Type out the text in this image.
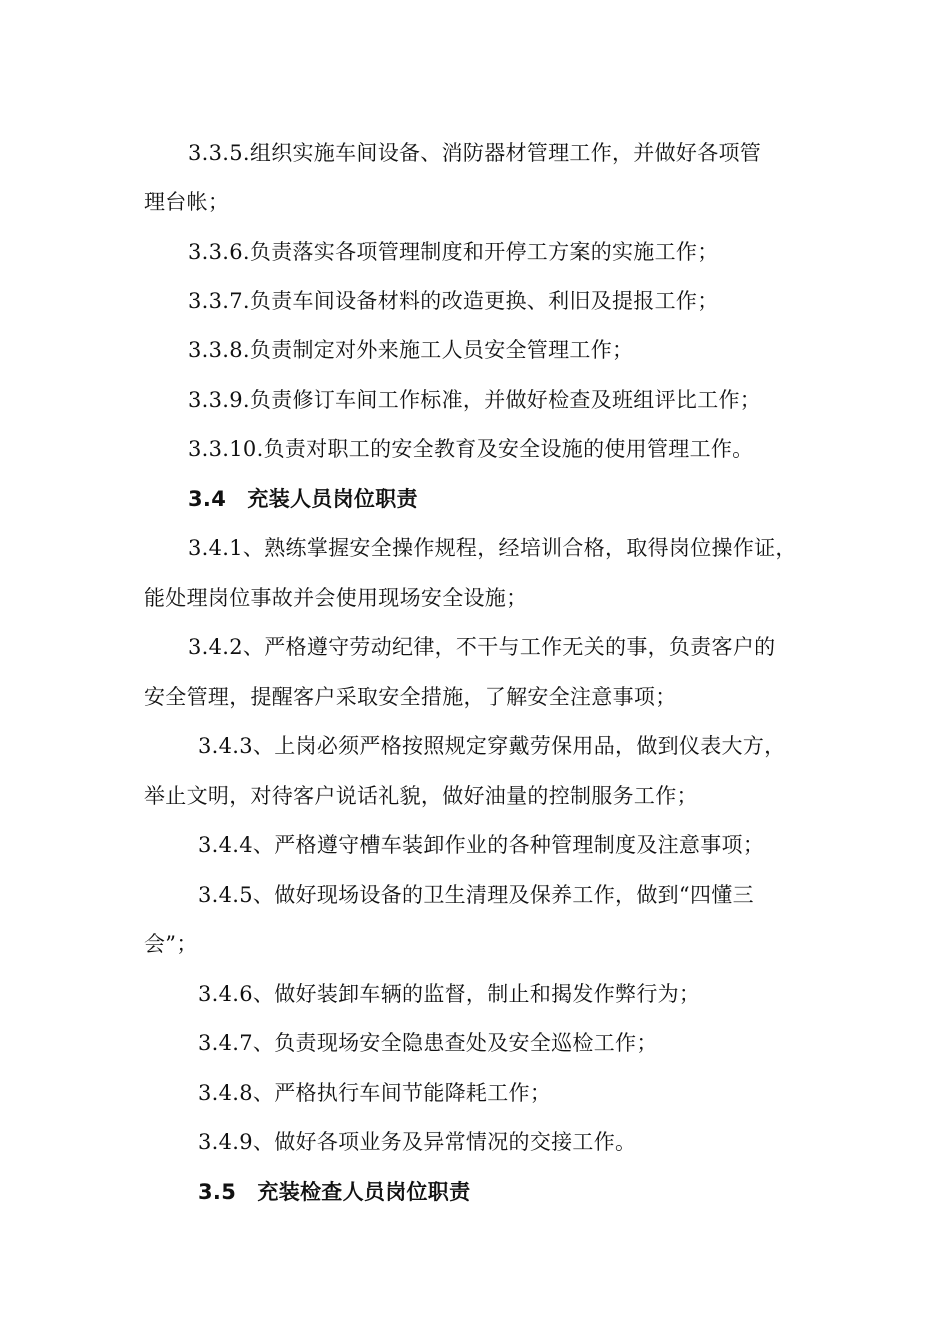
3.3.5.组织实施车间设备、消防器材管理工作，并做好各项管
理台帐；
3.3.6.负责落实各项管理制度和开停工方案的实施工作；
3.3.7.负责车间设备材料的改造更换、利旧及提报工作；
3.3.8.负责制定对外来施工人员安全管理工作；
3.3.9.负责修订车间工作标准，并做好检查及班组评比工作；
3.3.10.负责对职工的安全教育及安全设施的使用管理工作。
3.4　充装人员岗位职责
3.4.1、熟练掌握安全操作规程，经培训合格，取得岗位操作证，
能处理岗位事故并会使用现场安全设施；
3.4.2、严格遵守劳动纪律，不干与工作无关的事，负责客户的
安全管理，提醒客户采取安全措施，了解安全注意事项；
3.4.3、上岗必须严格按照规定穿戴劳保用品，做到仪表大方，
举止文明，对待客户说话礼貌，做好油量的控制服务工作；
3.4.4、严格遵守槽车装卸作业的各种管理制度及注意事项；
3.4.5、做好现场设备的卫生清理及保养工作，做到“四懂三
会”；
3.4.6、做好装卸车辆的监督，制止和揭发作弊行为；
3.4.7、负责现场安全隐患查处及安全巡检工作；
3.4.8、严格执行车间节能降耗工作；
3.4.9、做好各项业务及异常情况的交接工作。
3.5　充装检查人员岗位职责
